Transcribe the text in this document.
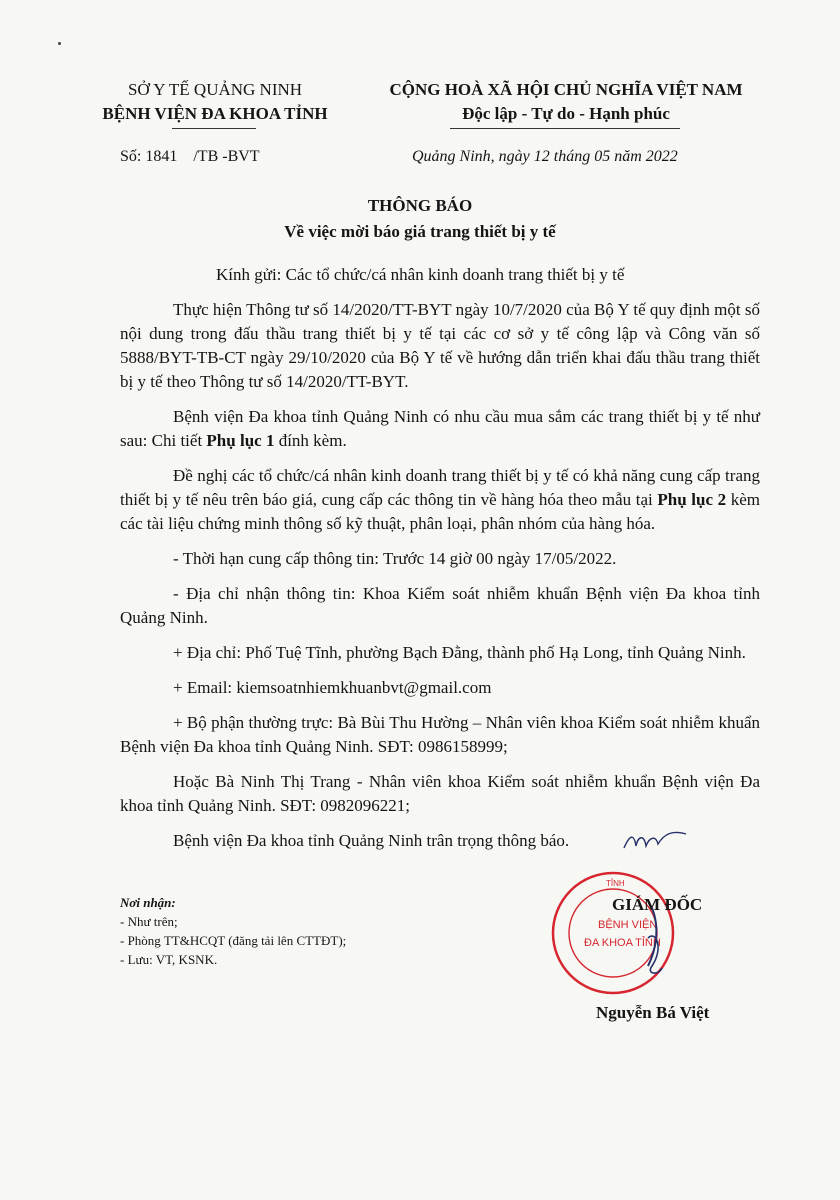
SỞ Y TẾ QUẢNG NINH
BỆNH VIỆN ĐA KHOA TỈNH
CỘNG HOÀ XÃ HỘI CHỦ NGHĨA VIỆT NAM
Độc lập - Tự do - Hạnh phúc
Số: 1841    /TB -BVT	Quảng Ninh, ngày 12 tháng 05 năm 2022
THÔNG BÁO
Về việc mời báo giá trang thiết bị y tế

Kính gửi: Các tổ chức/cá nhân kinh doanh trang thiết bị y tế

Thực hiện Thông tư số 14/2020/TT-BYT ngày 10/7/2020 của Bộ Y tế quy định một số nội dung trong đấu thầu trang thiết bị y tế tại các cơ sở y tế công lập và Công văn số 5888/BYT-TB-CT ngày 29/10/2020 của Bộ Y tế về hướng dẫn triển khai đấu thầu trang thiết bị y tế theo Thông tư số 14/2020/TT-BYT.

Bệnh viện Đa khoa tỉnh Quảng Ninh có nhu cầu mua sắm các trang thiết bị y tế như sau: Chi tiết Phụ lục 1 đính kèm.

Đề nghị các tổ chức/cá nhân kinh doanh trang thiết bị y tế có khả năng cung cấp trang thiết bị y tế nêu trên báo giá, cung cấp các thông tin về hàng hóa theo mẫu tại Phụ lục 2 kèm các tài liệu chứng minh thông số kỹ thuật, phân loại, phân nhóm của hàng hóa.

- Thời hạn cung cấp thông tin: Trước 14 giờ 00 ngày 17/05/2022.

- Địa chỉ nhận thông tin: Khoa Kiểm soát nhiễm khuẩn Bệnh viện Đa khoa tỉnh Quảng Ninh.

+ Địa chỉ: Phố Tuệ Tĩnh, phường Bạch Đằng, thành phố Hạ Long, tỉnh Quảng Ninh.

+ Email: kiemsoatnhiemkhuanbvt@gmail.com

+ Bộ phận thường trực: Bà Bùi Thu Hường – Nhân viên khoa Kiểm soát nhiễm khuẩn Bệnh viện Đa khoa tỉnh Quảng Ninh. SĐT: 0986158999;

Hoặc Bà Ninh Thị Trang - Nhân viên khoa Kiểm soát nhiễm khuẩn Bệnh viện Đa khoa tỉnh Quảng Ninh. SĐT: 0982096221;

Bệnh viện Đa khoa tỉnh Quảng Ninh trân trọng thông báo.

Nơi nhận:
- Như trên;
- Phòng TT&HCQT (đăng tải lên CTTĐT);
- Lưu: VT, KSNK.
BỆNH VIỆN
ĐA KHOA TỈNH
TỈNH
GIÁM ĐỐC
Nguyễn Bá Việt
